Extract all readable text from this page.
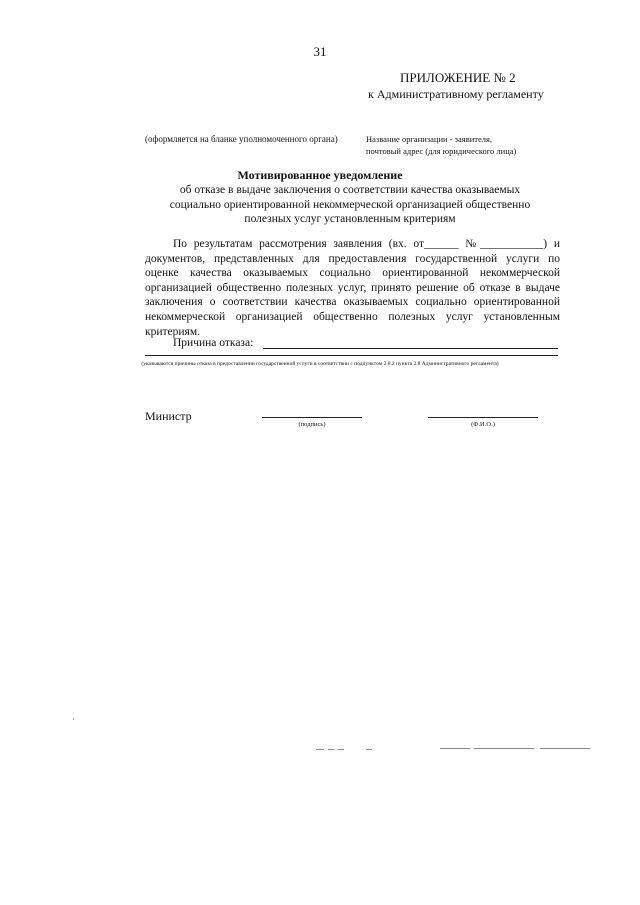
31
ПРИЛОЖЕНИЕ № 2
к Административному регламенту
(оформляется на бланке уполномоченного органа)	Название организации - заявителя,
почтовый адрес (для юридического лица)
Мотивированное уведомление
об отказе в выдаче заключения о соответствии качества оказываемых
социально ориентированной некоммерческой организацией общественно
полезных услуг установленным критериям
По результатам рассмотрения заявления (вх. от______ №___________) и документов, представленных для предоставления государственной услуги по оценке качества оказываемых социально ориентированной некоммерческой организацией общественно полезных услуг, принято решение об отказе в выдаче заключения о соответствии качества оказываемых социально ориентированной некоммерческой организацией общественно полезных услуг установленным критериям.
Причина отказа:
(указываются причины отказа в предоставлении государственной услуги в соответствии с подпунктом 2.8.2 пункта 2.8 Административного регламента)
Министр
(подпись)	(Ф.И.О.)
